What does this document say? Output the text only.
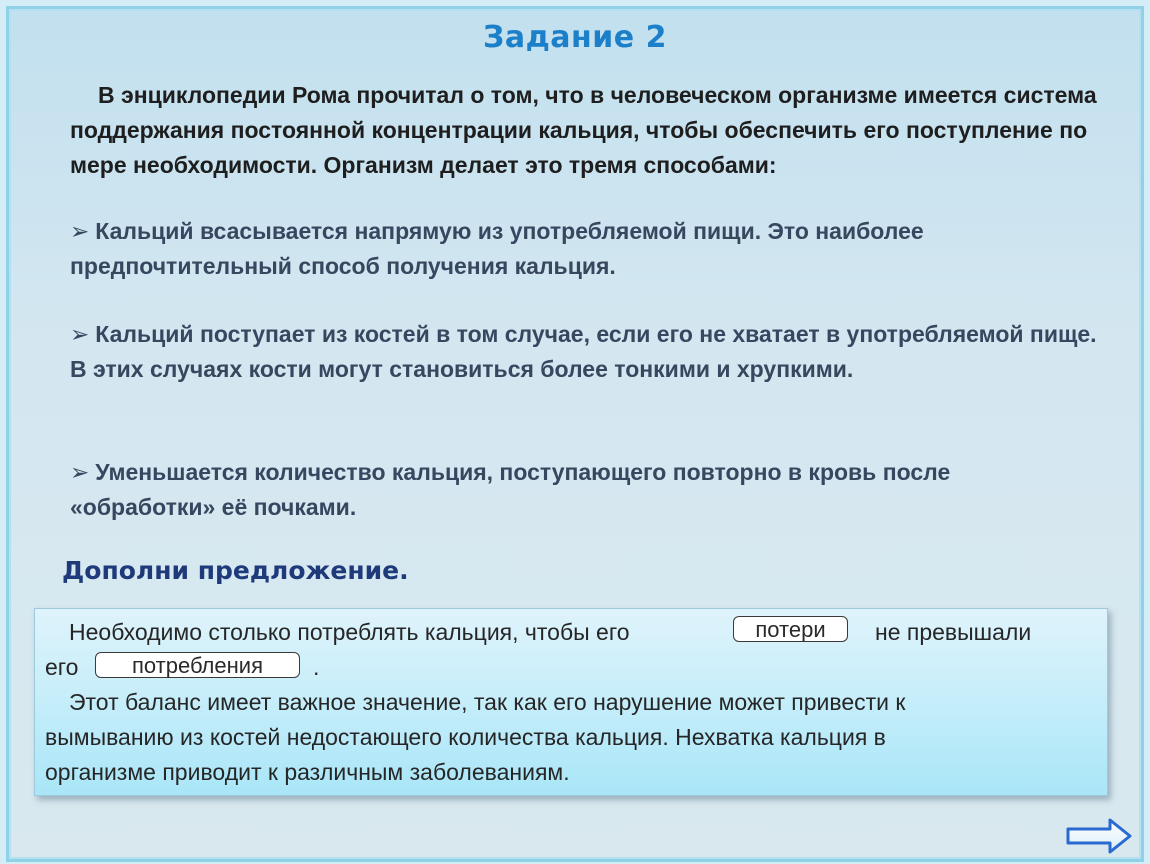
Задание 2
В энциклопедии Рома прочитал о том, что в человеческом организме имеется система поддержания постоянной концентрации кальция, чтобы обеспечить его поступление по мере необходимости. Организм делает это тремя способами:
➢ Кальций всасывается напрямую из употребляемой пищи. Это наиболее предпочтительный способ получения кальция.
➢ Кальций поступает из костей в том случае, если его не хватает в употребляемой пище. В этих случаях кости могут становиться более тонкими и хрупкими.
➢ Уменьшается количество кальция, поступающего повторно в кровь после «обработки» её почками.
Дополни предложение.
Необходимо столько потреблять кальция, чтобы его	потери	не превышали
его	потребления	.
Этот баланс имеет важное значение, так как его нарушение может привести к
вымыванию из костей недостающего количества кальция. Нехватка кальция в
организме приводит к различным заболеваниям.
